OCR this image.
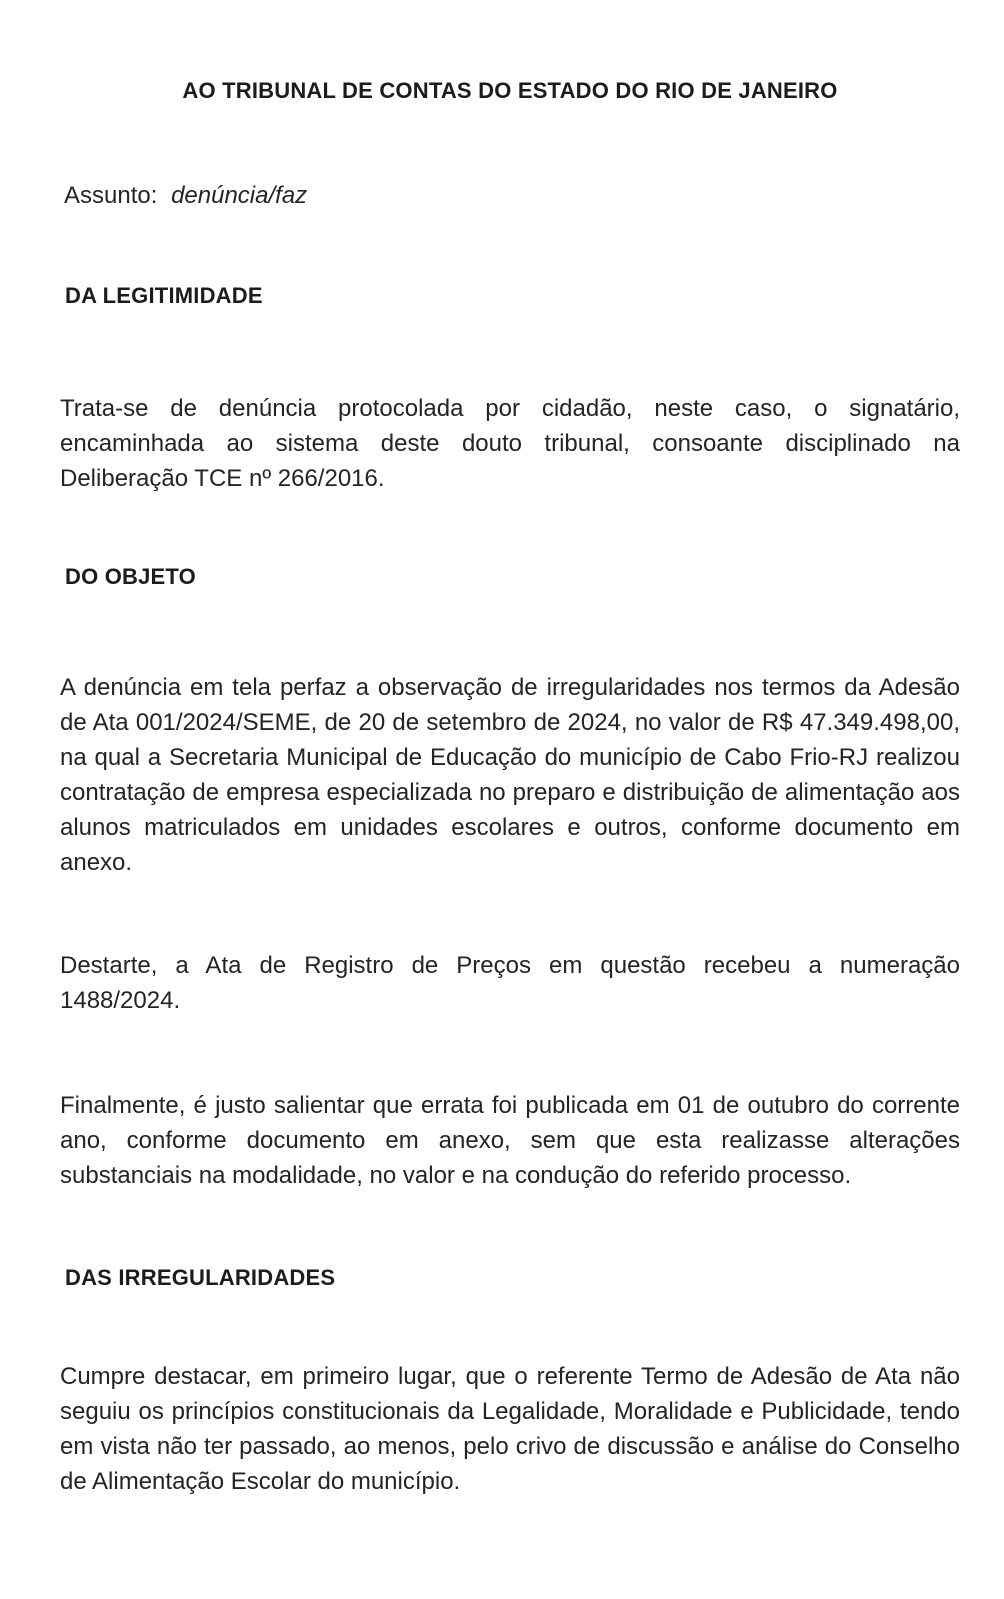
AO TRIBUNAL DE CONTAS DO ESTADO DO RIO DE JANEIRO

Assunto: denúncia/faz

DA LEGITIMIDADE

Trata-se de denúncia protocolada por cidadão, neste caso, o signatário, encaminhada ao sistema deste douto tribunal, consoante disciplinado na Deliberação TCE nº 266/2016.

DO OBJETO

A denúncia em tela perfaz a observação de irregularidades nos termos da Adesão de Ata 001/2024/SEME, de 20 de setembro de 2024, no valor de R$ 47.349.498,00, na qual a Secretaria Municipal de Educação do município de Cabo Frio-RJ realizou contratação de empresa especializada no preparo e distribuição de alimentação aos alunos matriculados em unidades escolares e outros, conforme documento em anexo.

Destarte, a Ata de Registro de Preços em questão recebeu a numeração 1488/2024.

Finalmente, é justo salientar que errata foi publicada em 01 de outubro do corrente ano, conforme documento em anexo, sem que esta realizasse alterações substanciais na modalidade, no valor e na condução do referido processo.

DAS IRREGULARIDADES

Cumpre destacar, em primeiro lugar, que o referente Termo de Adesão de Ata não seguiu os princípios constitucionais da Legalidade, Moralidade e Publicidade, tendo em vista não ter passado, ao menos, pelo crivo de discussão e análise do Conselho de Alimentação Escolar do município.
